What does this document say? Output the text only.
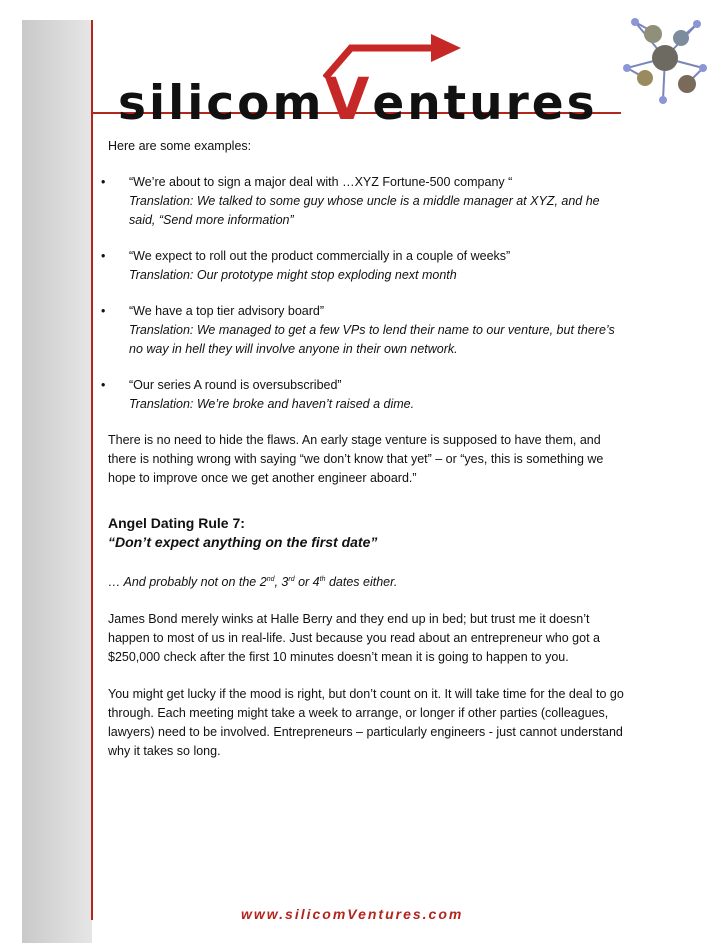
silicomVentures

Here are some examples:

• “We’re about to sign a major deal with …XYZ Fortune-500 company “
Translation: We talked to some guy whose uncle is a middle manager at XYZ, and he said, “Send more information”
• “We expect to roll out the product commercially in a couple of weeks”
Translation: Our prototype might stop exploding next month
• “We have a top tier advisory board”
Translation: We managed to get a few VPs to lend their name to our venture, but there’s no way in hell they will involve anyone in their own network.
• “Our series A round is oversubscribed”
Translation: We’re broke and haven’t raised a dime.

There is no need to hide the flaws. An early stage venture is supposed to have them, and there is nothing wrong with saying “we don’t know that yet” – or “yes, this is something we hope to improve once we get another engineer aboard.”

Angel Dating Rule 7:

“Don’t expect anything on the first date”

… And probably not on the 2nd, 3rd or 4th dates either.

James Bond merely winks at Halle Berry and they end up in bed; but trust me it doesn’t happen to most of us in real-life. Just because you read about an entrepreneur who got a $250,000 check after the first 10 minutes doesn’t mean it is going to happen to you.

You might get lucky if the mood is right, but don’t count on it. It will take time for the deal to go through. Each meeting might take a week to arrange, or longer if other parties (colleagues, lawyers) need to be involved. Entrepreneurs – particularly engineers - just cannot understand why it takes so long.

www.silicomVentures.com
